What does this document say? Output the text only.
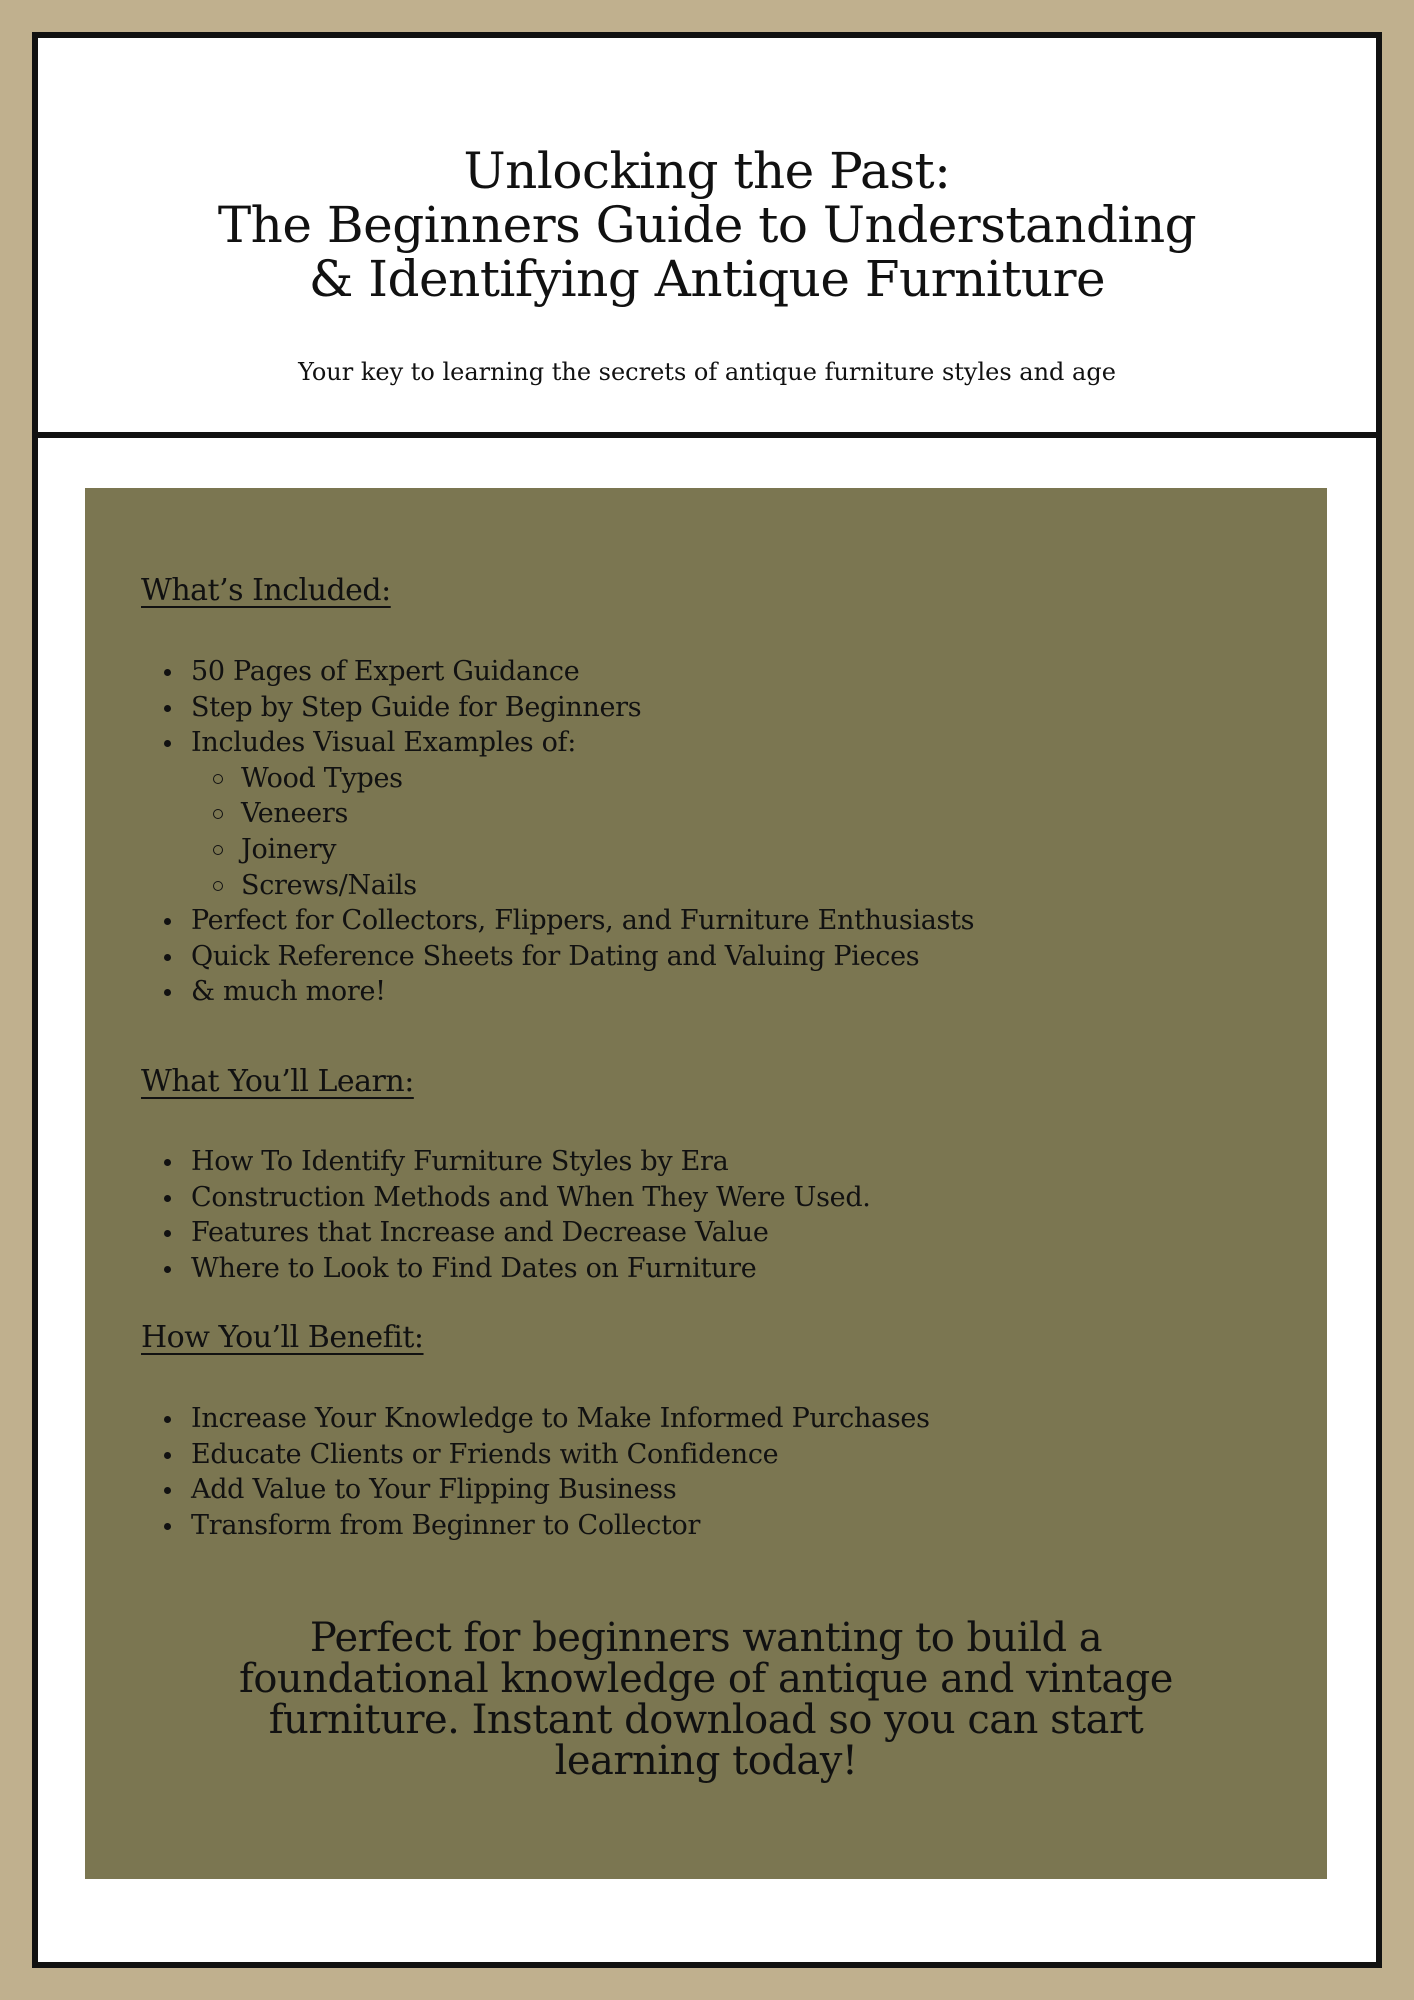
Unlocking the Past:
The Beginners Guide to Understanding
& Identifying Antique Furniture
Your key to learning the secrets of antique furniture styles and age
What’s Included:
50 Pages of Expert Guidance
Step by Step Guide for Beginners
Includes Visual Examples of:
Wood Types
Veneers
Joinery
Screws/Nails
Perfect for Collectors, Flippers, and Furniture Enthusiasts
Quick Reference Sheets for Dating and Valuing Pieces
& much more!
What You’ll Learn:
How To Identify Furniture Styles by Era
Construction Methods and When They Were Used.
Features that Increase and Decrease Value
Where to Look to Find Dates on Furniture
How You’ll Benefit:
Increase Your Knowledge to Make Informed Purchases
Educate Clients or Friends with Confidence
Add Value to Your Flipping Business
Transform from Beginner to Collector
Perfect for beginners wanting to build a foundational knowledge of antique and vintage furniture. Instant download so you can start learning today!
